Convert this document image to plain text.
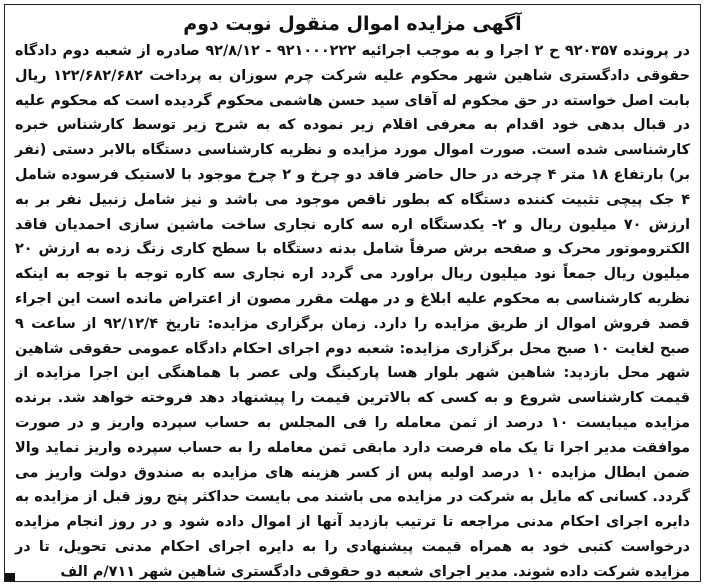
آگهی مزایده اموال منقول نوبت دوم

در پرونده ۹۲۰۳۵۷ ح ۲ اجرا و به موجب اجرائیه ۹۲۱۰۰۰۲۲۲ - ۹۲/۸/۱۲ صادره از شعبه دوم دادگاه حقوقی دادگستری شاهین شهر محکوم علیه شرکت چرم سوزان به پرداخت ۱۲۲/۶۸۲/۶۸۲ ریال بابت اصل خواسته در حق محکوم له آقای سید حسن هاشمی محکوم گردیده است که محکوم علیه در قبال بدهی خود اقدام به معرفی اقلام زیر نموده که به شرح زیر توسط کارشناس خبره کارشناسی شده است. صورت اموال مورد مزایده و نظریه کارشناسی دستگاه بالابر دستی (نفر بر) بارتفاع ۱۸ متر ۴ چرخه در حال حاضر فاقد دو چرخ و ۲ چرخ موجود با لاستیک فرسوده شامل ۴ جک پیچی تثبیت کننده دستگاه که بطور ناقص موجود می باشد و نیز شامل زنبیل نفر بر به ارزش ۷۰ میلیون ریال و ۲- یکدستگاه اره سه کاره نجاری ساخت ماشین سازی احمدیان فاقد الکتروموتور محرک و صفحه برش صرفاً شامل بدنه دستگاه با سطح کاری زنگ زده به ارزش ۲۰ میلیون ریال جمعاً نود میلیون ریال براورد می گردد اره نجاری سه کاره توجه با توجه به اینکه نظریه کارشناسی به محکوم علیه ابلاغ و در مهلت مقرر مصون از اعتراض مانده است این اجراء قصد فروش اموال از طریق مزایده را دارد. زمان برگزاری مزایده: تاریخ ۹۲/۱۲/۴ از ساعت ۹ صبح لغایت ۱۰ صبح محل برگزاری مزایده: شعبه دوم اجرای احکام دادگاه عمومی حقوقی شاهین شهر محل بازدید: شاهین شهر بلوار هسا پارکینگ ولی عصر با هماهنگی این اجرا مزایده از قیمت کارشناسی شروع و به کسی که بالاترین قیمت را پیشنهاد دهد فروخته خواهد شد. برنده مزایده میبایست ۱۰ درصد از ثمن معامله را فی المجلس به حساب سپرده واریز و در صورت موافقت مدیر اجرا تا یک ماه فرصت دارد مابقی ثمن معامله را به حساب سپرده واریز نماید والا ضمن ابطال مزایده ۱۰ درصد اولیه پس از کسر هزینه های مزایده به صندوق دولت واریز می گردد. کسانی که مایل به شرکت در مزایده می باشند می بایست حداکثر پنج روز قبل از مزایده به دایره اجرای احکام مدنی مراجعه تا ترتیب بازدید آنها از اموال داده شود و در روز انجام مزایده درخواست کتبی خود به همراه قیمت پیشنهادی را به دایره اجرای احکام مدنی تحویل، تا در مزایده شرکت داده شوند. مدیر اجرای شعبه دو حقوقی دادگستری شاهین شهر ۷۱۱/م الف
